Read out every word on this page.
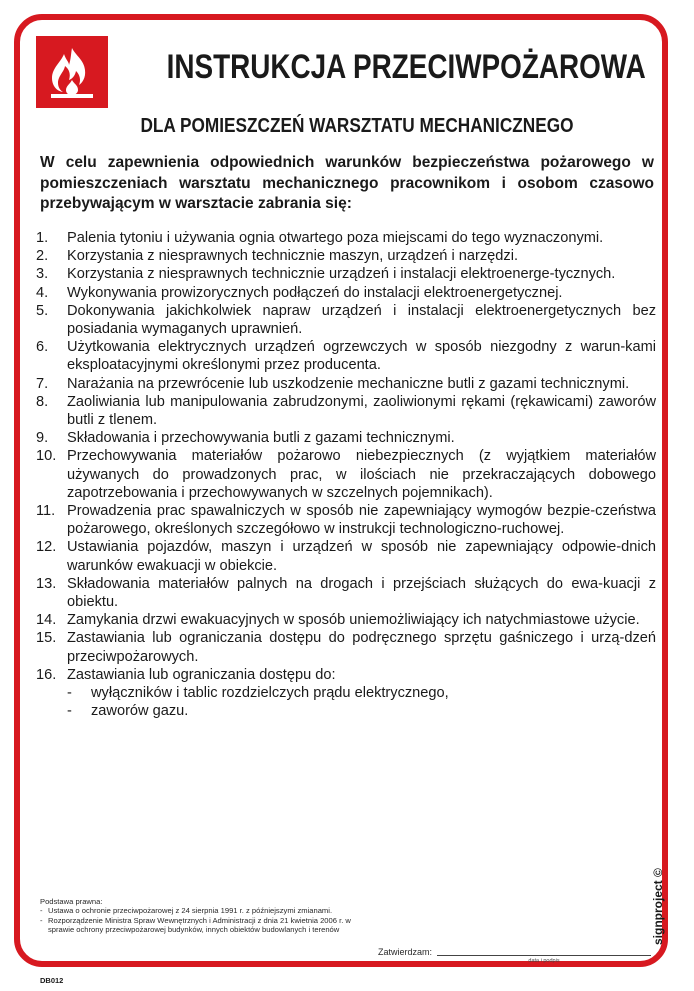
INSTRUKCJA PRZECIWPOŻAROWA
DLA POMIESZCZEŃ WARSZTATU MECHANICZNEGO
W celu zapewnienia odpowiednich warunków bezpieczeństwa pożarowego w pomieszczeniach warsztatu mechanicznego pracownikom i osobom czasowo przebywającym w warsztacie zabrania się:
1.	Palenia tytoniu i używania ognia otwartego poza miejscami do tego wyznaczonymi.
2.	Korzystania z niesprawnych technicznie maszyn, urządzeń i narzędzi.
3.	Korzystania z niesprawnych technicznie urządzeń i instalacji elektroenerge-tycznych.
4.	Wykonywania prowizorycznych podłączeń do instalacji elektroenergetycznej.
5.	Dokonywania jakichkolwiek napraw urządzeń i instalacji elektroenergetycznych bez posiadania wymaganych uprawnień.
6.	Użytkowania elektrycznych urządzeń ogrzewczych w sposób niezgodny z warun-kami eksploatacyjnymi określonymi przez producenta.
7.	Narażania na przewrócenie lub uszkodzenie mechaniczne butli z gazami technicznymi.
8.	Zaoliwiania lub manipulowania zabrudzonymi, zaoliwionymi rękami (rękawicami) zaworów butli z tlenem.
9.	Składowania i przechowywania butli z gazami technicznymi.
10. Przechowywania materiałów pożarowo niebezpiecznych (z wyjątkiem materiałów używanych do prowadzonych prac, w ilościach nie przekraczających dobowego zapotrzebowania i przechowywanych w szczelnych pojemnikach).
11. Prowadzenia prac spawalniczych w sposób nie zapewniający wymogów bezpie-czeństwa pożarowego, określonych szczegółowo w instrukcji technologiczno-ruchowej.
12. Ustawiania pojazdów, maszyn i urządzeń w sposób nie zapewniający odpowie-dnich warunków ewakuacji w obiekcie.
13. Składowania materiałów palnych na drogach i przejściach służących do ewa-kuacji z obiektu.
14. Zamykania drzwi ewakuacyjnych w sposób uniemożliwiający ich natychmiastowe użycie.
15. Zastawiania lub ograniczania dostępu do podręcznego sprzętu gaśniczego i urzą-dzeń przeciwpożarowych.
16. Zastawiania lub ograniczania dostępu do:
- wyłączników i tablic rozdzielczych prądu elektrycznego,
- zaworów gazu.
Podstawa prawna:
- Ustawa o ochronie przeciwpożarowej z 24 sierpnia 1991 r. z późniejszymi zmianami.
- Rozporządzenie Ministra Spraw Wewnętrznych i Administracji z dnia 21 kwietnia 2006 r. w sprawie ochrony przeciwpożarowej budynków, innych obiektów budowlanych i terenów
Zatwierdzam:
data i podpis
signproject ©
DB012
